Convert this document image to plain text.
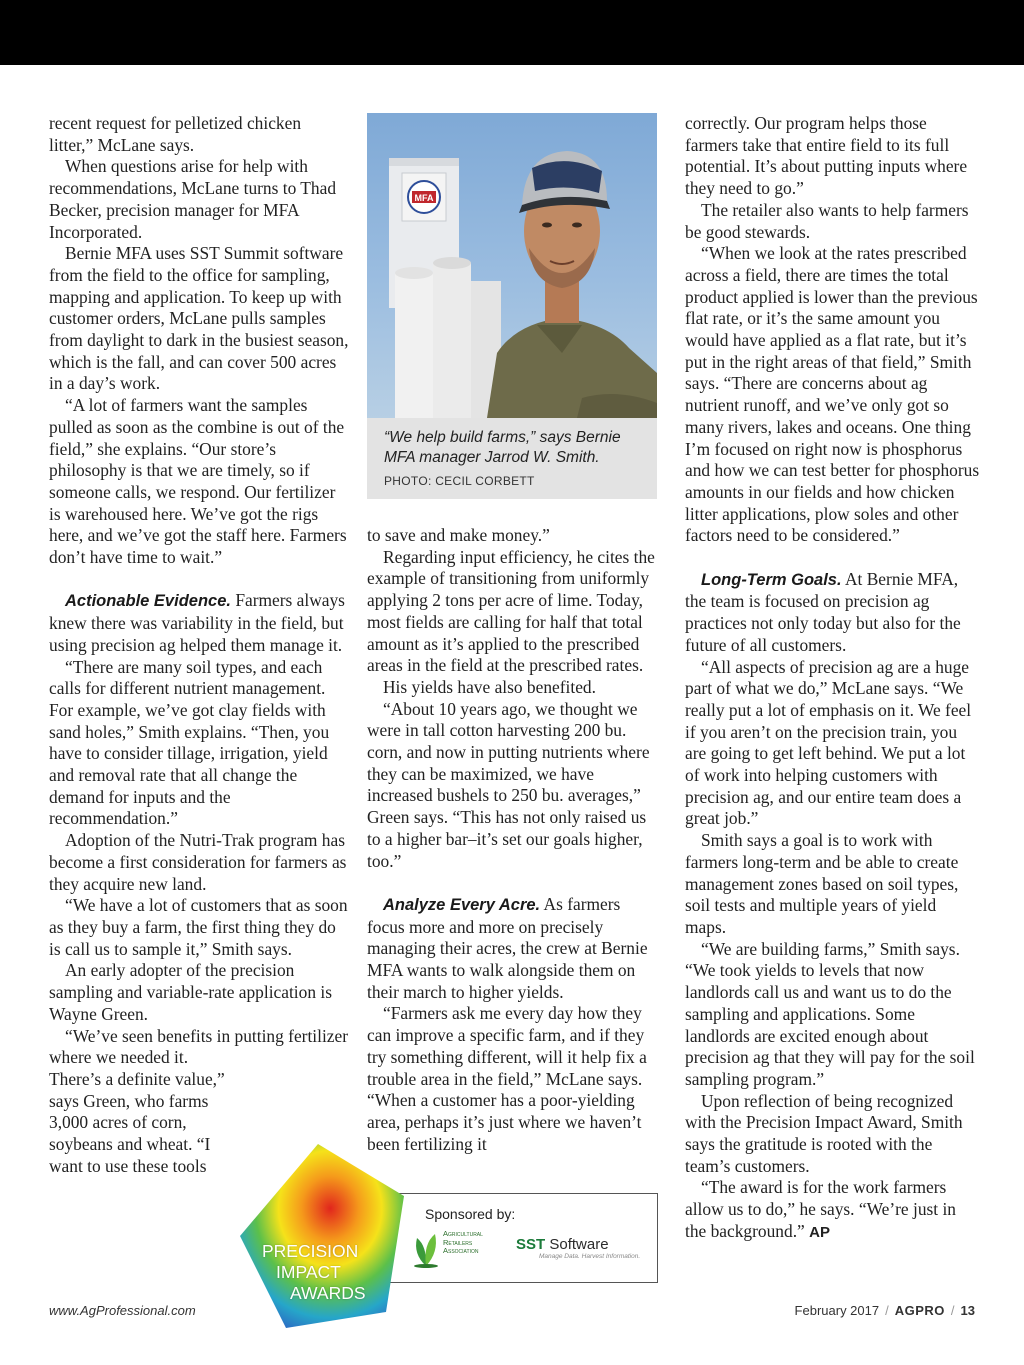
recent request for pelletized chicken litter,” McLane says.

When questions arise for help with recommendations, McLane turns to Thad Becker, precision manager for MFA Incorporated.

Bernie MFA uses SST Summit software from the field to the office for sampling, mapping and application. To keep up with customer orders, McLane pulls samples from daylight to dark in the busiest season, which is the fall, and can cover 500 acres in a day’s work.

“A lot of farmers want the samples pulled as soon as the combine is out of the field,” she explains. “Our store’s philosophy is that we are timely, so if someone calls, we respond. Our fertilizer is warehoused here. We’ve got the rigs here, and we’ve got the staff here. Farmers don’t have time to wait.”

Actionable Evidence. Farmers always knew there was variability in the field, but using precision ag helped them manage it.

“There are many soil types, and each calls for different nutrient management. For example, we’ve got clay fields with sand holes,” Smith explains. “Then, you have to consider tillage, irrigation, yield and removal rate that all change the demand for inputs and the recommendation.”

Adoption of the Nutri-Trak program has become a first consideration for farmers as they acquire new land.

“We have a lot of customers that as soon as they buy a farm, the first thing they do is call us to sample it,” Smith says.

An early adopter of the precision sampling and variable-rate application is Wayne Green.

“We’ve seen benefits in putting fertilizer where we needed it.

There’s a definite value,”

says Green, who farms

3,000 acres of corn,

soybeans and wheat. “I

want to use these tools

MFA
“We help build farms,” says Bernie MFA manager Jarrod W. Smith.
PHOTO: CECIL CORBETT

to save and make money.”

Regarding input efficiency, he cites the example of transitioning from uniformly applying 2 tons per acre of lime. Today, most fields are calling for half that total amount as it’s applied to the prescribed areas in the field at the prescribed rates.

His yields have also benefited.

“About 10 years ago, we thought we were in tall cotton harvesting 200 bu. corn, and now in putting nutrients where they can be maximized, we have increased bushels to 250 bu. averages,” Green says. “This has not only raised us to a higher bar–it’s set our goals higher, too.”

Analyze Every Acre. As farmers focus more and more on precisely managing their acres, the crew at Bernie MFA wants to walk alongside them on their march to higher yields.

“Farmers ask me every day how they can improve a specific farm, and if they try something different, will it help fix a trouble area in the field,” McLane says. “When a customer has a poor-yielding area, perhaps it’s just where we haven’t been fertilizing it

correctly. Our program helps those farmers take that entire field to its full potential. It’s about putting inputs where they need to go.”

The retailer also wants to help farmers be good stewards.

“When we look at the rates prescribed across a field, there are times the total product applied is lower than the previous flat rate, or it’s the same amount you would have applied as a flat rate, but it’s put in the right areas of that field,” Smith says. “There are concerns about ag nutrient runoff, and we’ve only got so many rivers, lakes and oceans. One thing I’m focused on right now is phosphorus and how we can test better for phosphorus amounts in our fields and how chicken litter applications, plow soles and other factors need to be considered.”

Long-Term Goals. At Bernie MFA, the team is focused on precision ag practices not only today but also for the future of all customers.

“All aspects of precision ag are a huge part of what we do,” McLane says. “We really put a lot of emphasis on it. We feel if you aren’t on the precision train, you are going to get left behind. We put a lot of work into helping customers with precision ag, and our entire team does a great job.”

Smith says a goal is to work with farmers long-term and be able to create management zones based on soil types, soil tests and multiple years of yield maps.

“We are building farms,” Smith says. “We took yields to levels that now landlords call us and want us to do the sampling and applications. Some landlords are excited enough about precision ag that they will pay for the soil sampling program.”

Upon reflection of being recognized with the Precision Impact Award, Smith says the gratitude is rooted with the team’s customers.

“The award is for the work farmers allow us to do,” he says. “We’re just in the background.” AP

Sponsored by:
Agricultural
Retailers
Association	SST Software
Manage Data. Harvest Information.
PRECISION
IMPACT
AWARDS
www.AgProfessional.com	February 2017 / AGPRO / 13
